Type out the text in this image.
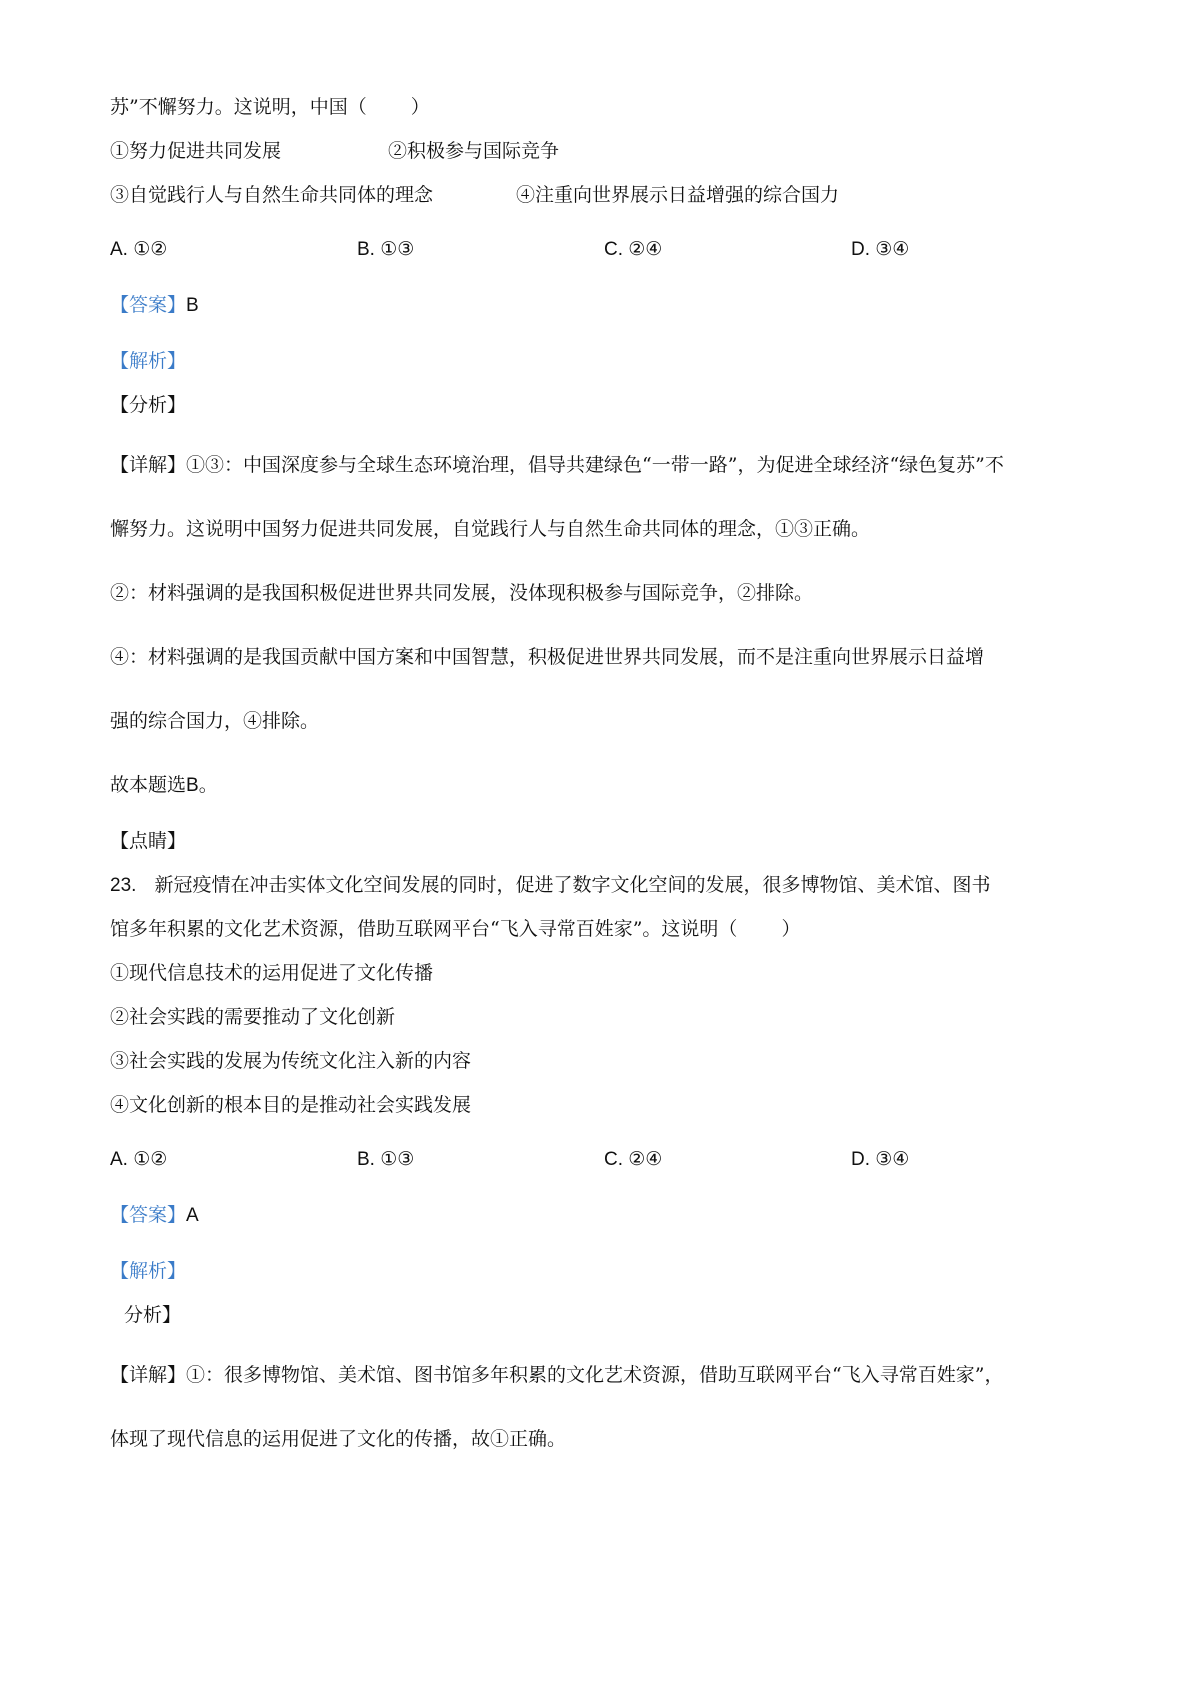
苏”不懈努力。这说明，中国（ ）
①努力促进共同发展	②积极参与国际竞争
③自觉践行人与自然生命共同体的理念	④注重向世界展示日益增强的综合国力
A. ①②	B. ①③	C. ②④	D. ③④
【答案】B
【解析】
【分析】
【详解】①③：中国深度参与全球生态环境治理，倡导共建绿色“一带一路”，为促进全球经济“绿色复苏”不
懈努力。这说明中国努力促进共同发展，自觉践行人与自然生命共同体的理念，①③正确。
②：材料强调的是我国积极促进世界共同发展，没体现积极参与国际竞争，②排除。
④：材料强调的是我国贡献中国方案和中国智慧，积极促进世界共同发展，而不是注重向世界展示日益增
强的综合国力，④排除。
故本题选B。
【点睛】
23. 新冠疫情在冲击实体文化空间发展的同时，促进了数字文化空间的发展，很多博物馆、美术馆、图书
馆多年积累的文化艺术资源，借助互联网平台“飞入寻常百姓家”。这说明（ ）
①现代信息技术的运用促进了文化传播
②社会实践的需要推动了文化创新
③社会实践的发展为传统文化注入新的内容
④文化创新的根本目的是推动社会实践发展
A. ①②	B. ①③	C. ②④	D. ③④
【答案】A
【解析】
分析】
【详解】①：很多博物馆、美术馆、图书馆多年积累的文化艺术资源，借助互联网平台“飞入寻常百姓家”，
体现了现代信息的运用促进了文化的传播，故①正确。
